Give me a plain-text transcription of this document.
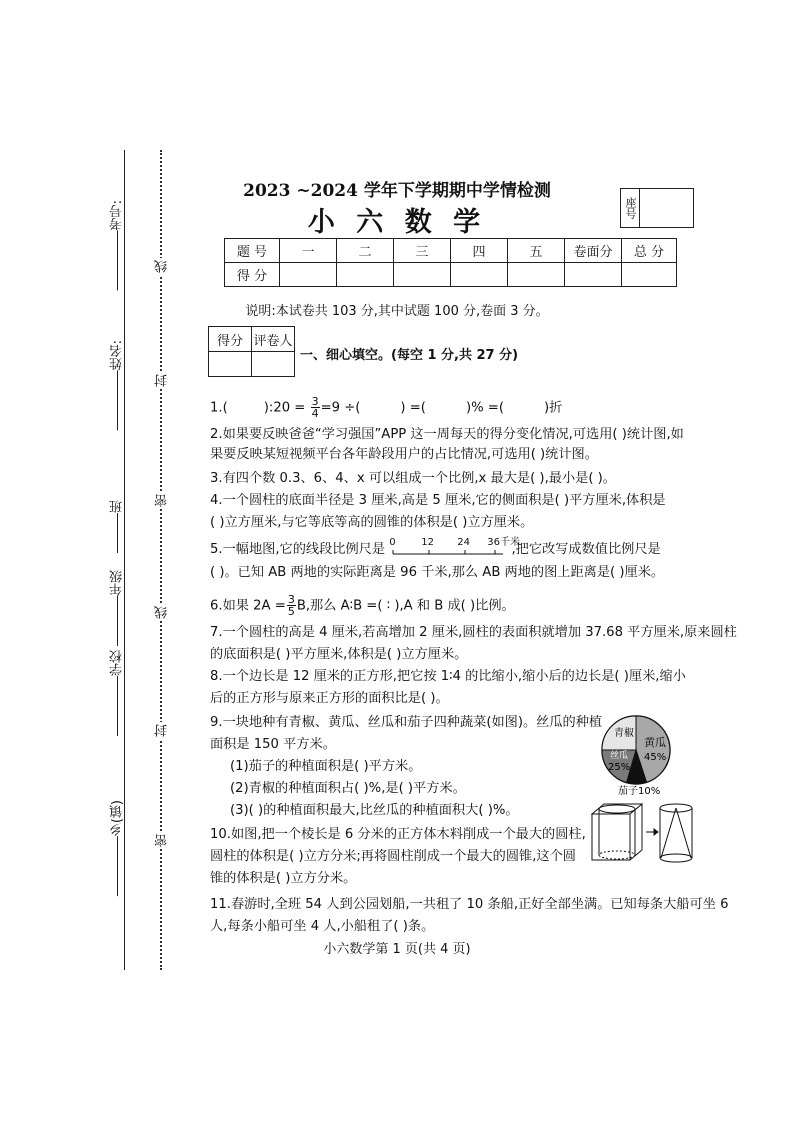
考号:
姓名:
班
年级
学校
乡(镇)
线
封
密
线
封
密
2023 ~2024 学年下学期期中学情检测
小 六 数 学	座号
题 号	一	二	三	四	五	卷面分	总 分
得 分							
说明:本试卷共 103 分,其中试题 100 分,卷面 3 分。
得分	评卷人

一、细心填空。(每空 1 分,共 27 分)
1.(	):20 = $\frac{3}{4} =9$ ÷(	) =(	)% =(	)折
2.如果要反映爸爸“学习强国”APP 这一周每天的得分变化情况,可选用( )统计图,如
果要反映某短视频平台各年龄段用户的占比情况,可选用( )统计图。
3.有四个数 0.3、6、4、x 可以组成一个比例,x 最大是( ),最小是( )。
4.一个圆柱的底面半径是 3 厘米,高是 5 厘米,它的侧面积是( )平方厘米,体积是
( )立方厘米,与它等底等高的圆锥的体积是( )立方厘米。
5.一幅地图,它的线段比例尺是 0	12 24 36千米
,把它改写成数值比例尺是
( )。已知 AB 两地的实际距离是 96 千米,那么 AB 两地的图上距离是( )厘米。
6.如果 $2A = \frac{3}{5} B$,那么 A∶B =( ∶ ),A 和 B 成( )比例。
7.一个圆柱的高是 4 厘米,若高增加 2 厘米,圆柱的表面积就增加 37.68 平方厘米,原来圆柱
的底面积是( )平方厘米,体积是( )立方厘米。
8.一个边长是 12 厘米的正方形,把它按 1∶4 的比缩小,缩小后的边长是( )厘米,缩小
后的正方形与原来正方形的面积比是( )。
9.一块地种有青椒、黄瓜、丝瓜和茄子四种蔬菜(如图)。丝瓜的种植
面积是 150 平方米。
(1)茄子的种植面积是( )平方米。
(2)青椒的种植面积占( )%,是( )平方米。
(3)( )的种植面积最大,比丝瓜的种植面积大( )%。
青椒
黄瓜
45%
丝瓜
25%
茄子10%
10.如图,把一个棱长是 6 分米的正方体木料削成一个最大的圆柱,
圆柱的体积是( )立方分米;再将圆柱削成一个最大的圆锥,这个圆
锥的体积是( )立方分米。
11.春游时,全班 54 人到公园划船,一共租了 10 条船,正好全部坐满。已知每条大船可坐 6
人,每条小船可坐 4 人,小船租了( )条。
小六数学第 1 页(共 4 页)
